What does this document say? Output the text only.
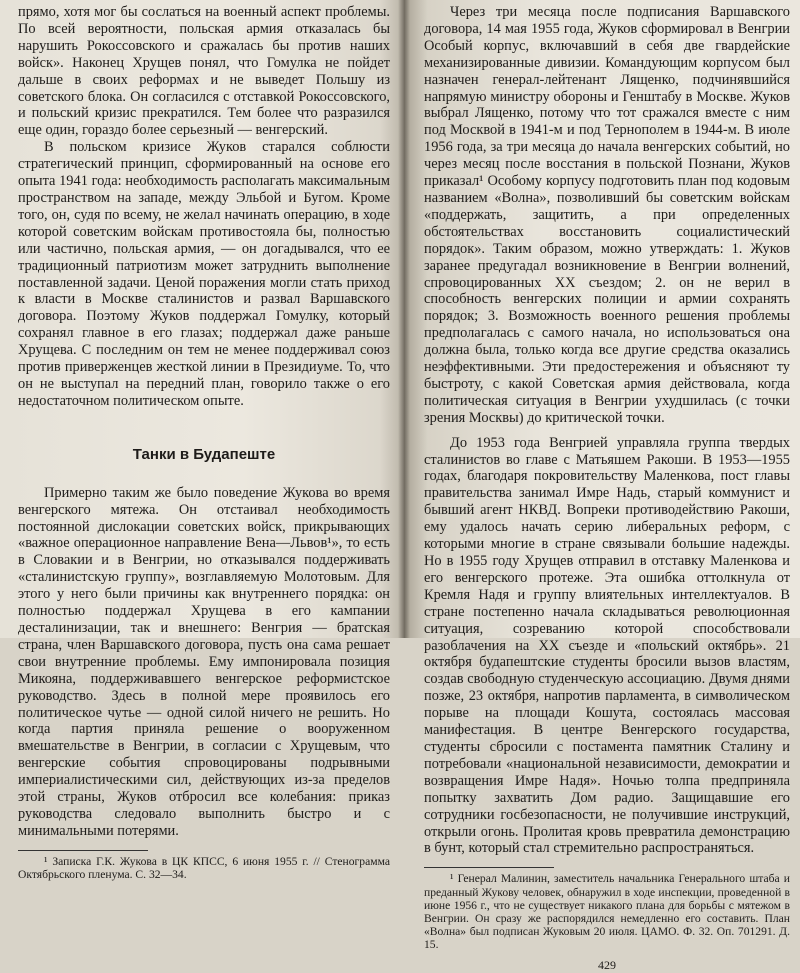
прямо, хотя мог бы сослаться на военный аспект проблемы. По всей вероятности, польская армия отказалась бы нарушить Рокоссовского и сражалась бы против наших войск». Наконец Хрущев понял, что Гомулка не пойдет дальше в своих реформах и не выведет Польшу из советского блока. Он согласился с отставкой Рокоссовского, и польский кризис прекратился. Тем более что разразился еще один, гораздо более серьезный — венгерский.

В польском кризисе Жуков старался соблюсти стратегический принцип, сформированный на основе его опыта 1941 года: необходимость располагать максимальным пространством на западе, между Эльбой и Бугом. Кроме того, он, судя по всему, не желал начинать операцию, в ходе которой советским войскам противостояла бы, полностью или частично, польская армия, — он догадывался, что ее традиционный патриотизм может затруднить выполнение поставленной задачи. Ценой поражения могли стать приход к власти в Москве сталинистов и развал Варшавского договора. Поэтому Жуков поддержал Гомулку, который сохранял главное в его глазах; поддержал даже раньше Хрущева. С последним он тем не менее поддерживал союз против приверженцев жесткой линии в Президиуме. То, что он не выступал на передний план, говорило также о его недостаточном политическом опыте.

Танки в Будапеште

Примерно таким же было поведение Жукова во время венгерского мятежа. Он отстаивал необходимость постоянной дислокации советских войск, прикрывающих «важное операционное направление Вена—Львов¹», то есть в Словакии и в Венгрии, но отказывался поддерживать «сталинистскую группу», возглавляемую Молотовым. Для этого у него были причины как внутреннего порядка: он полностью поддержал Хрущева в его кампании десталинизации, так и внешнего: Венгрия — братская страна, член Варшавского договора, пусть она сама решает свои внутренние проблемы. Ему импонировала позиция Микояна, поддерживавшего венгерское реформистское руководство. Здесь в полной мере проявилось его политическое чутье — одной силой ничего не решить. Но когда партия приняла решение о вооруженном вмешательстве в Венгрии, в согласии с Хрущевым, что венгерские события спровоцированы подрывными империалистическими сил, действующих из-за пределов этой страны, Жуков отбросил все колебания: приказ руководства следовало выполнить быстро и с минимальными потерями.

¹ Записка Г.К. Жукова в ЦК КПСС, 6 июня 1955 г. // Стенограмма Октябрьского пленума. С. 32—34.

Через три месяца после подписания Варшавского договора, 14 мая 1955 года, Жуков сформировал в Венгрии Особый корпус, включавший в себя две гвардейские механизированные дивизии. Командующим корпусом был назначен генерал-лейтенант Лященко, подчинявшийся напрямую министру обороны и Генштабу в Москве. Жуков выбрал Лященко, потому что тот сражался вместе с ним под Москвой в 1941-м и под Тернополем в 1944-м. В июле 1956 года, за три месяца до начала венгерских событий, но через месяц после восстания в польской Познани, Жуков приказал¹ Особому корпусу подготовить план под кодовым названием «Волна», позволивший бы советским войскам «поддержать, защитить, а при определенных обстоятельствах восстановить социалистический порядок». Таким образом, можно утверждать: 1. Жуков заранее предугадал возникновение в Венгрии волнений, спровоцированных XX съездом; 2. он не верил в способность венгерских полиции и армии сохранять порядок; 3. Возможность военного решения проблемы предполагалась с самого начала, но использоваться она должна была, только когда все другие средства оказались неэффективными. Эти предостережения и объясняют ту быстроту, с какой Советская армия действовала, когда политическая ситуация в Венгрии ухудшилась (с точки зрения Москвы) до критической точки.

До 1953 года Венгрией управляла группа твердых сталинистов во главе с Матьяшем Ракоши. В 1953—1955 годах, благодаря покровительству Маленкова, пост главы правительства занимал Имре Надь, старый коммунист и бывший агент НКВД. Вопреки противодействию Ракоши, ему удалось начать серию либеральных реформ, с которыми многие в стране связывали большие надежды. Но в 1955 году Хрущев отправил в отставку Маленкова и его венгерского протеже. Эта ошибка оттолкнула от Кремля Надя и группу влиятельных интеллектуалов. В стране постепенно начала складываться революционная ситуация, созреванию которой способствовали разоблачения на XX съезде и «польский октябрь». 21 октября будапештские студенты бросили вызов властям, создав свободную студенческую ассоциацию. Двумя днями позже, 23 октября, напротив парламента, в символическом порыве на площади Кошута, состоялась массовая манифестация. В центре Венгерского государства, студенты сбросили с постамента памятник Сталину и потребовали «национальной независимости, демократии и возвращения Имре Надя». Ночью толпа предприняла попытку захватить Дом радио. Защищавшие его сотрудники госбезопасности, не получившие инструкций, открыли огонь. Пролитая кровь превратила демонстрацию в бунт, который стал стремительно распространяться.

¹ Генерал Малинин, заместитель начальника Генерального штаба и преданный Жукову человек, обнаружил в ходе инспекции, проведенной в июне 1956 г., что не существует никакого плана для борьбы с мятежом в Венгрии. Он сразу же распорядился немедленно его составить. План «Волна» был подписан Жуковым 20 июля. ЦАМО. Ф. 32. Оп. 701291. Д. 15.

429
